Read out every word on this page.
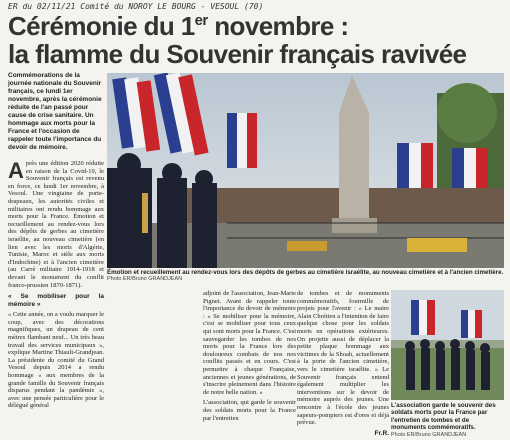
ER du 02/11/21 Comité du NOROY LE BOURG - VESOUL (70)
Cérémonie du 1er novembre :
la flamme du Souvenir français ravivée
Commémorations de la journée nationale du Souvenir français, ce lundi 1er novembre, après la cérémonie réduite de l'an passé pour cause de crise sanitaire. Un hommage aux morts pour la France et l'occasion de rappeler toute l'importance du devoir de mémoire.

Après une édition 2020 réduite en raison de la Covid-19, le Souvenir français est revenu en force, ce lundi 1er novembre, à Vesoul. Une vingtaine de porte-drapeaux, les autorités civiles et militaires ont rendu hommage aux morts pour la France. Émotion et recueillement au rendez-vous lors des dépôts de gerbes au cimetière israélite, au nouveau cimetière (en lien avec les morts d'Algérie, Tunisie, Maroc et stèle aux morts d'Indochine) et à l'ancien cimetière (au Carré militaire 1914-1918 et devant le monument du conflit franco-prussien 1870-1871).

« Se mobiliser pour la mémoire »

« Cette année, on a voulu marquer le coup, avec des décorations magnifiques, un drapeau de cent mètres flambant neuf... Un très beau travail des services municipaux », explique Martine Thiault-Grandjean. La présidente du comité du Grand Vesoul depuis 2014 a rendu hommage « aux membres de la grande famille du Souvenir français disparus pendant la pandémie », avec une pensée particulière pour le délégué général

Émotion et recueillement au rendez-vous lors des dépôts de gerbes au cimetière israélite, au nouveau cimetière et à l'ancien cimetière.
Photo ER/Bruno GRANDJEAN

adjoint de l'association, Jean-Marie Pignet. Avant de rappeler toute l'importance du devoir de mémoire : « Se mobiliser pour la mémoire, c'est se mobiliser pour tous ceux qui sont morts pour la France. C'est sauvegarder les tombes de nos morts pour la France lors des douloureux combats de nos nos conflits passés et en cours. C'est permettre à chaque Française, anciennes et jeunes générations, de s'inscrire pleinement dans l'histoire de notre belle nation. »

L'association, qui garde le souvenir des soldats morts pour la France par l'entretien

de tombes et de monuments commémoratifs, fourmille de projets pour l'avenir : « Le maire Alain Chrétien a l'intention de faire quelque chose pour les soldats morts en opérations extérieures. On projette aussi de déplacer la petite plaque hommage aux victimes de la Shoah, actuellement à la porte de l'ancien cimetière, vers le cimetière israélite. » Le Souvenir français entend également multiplier les interventions sur le devoir de mémoire auprès des jeunes. Une rencontre à l'école des jeunes sapeurs-pompiers est d'ores et déjà prévue.

Fr.R.

L'association garde le souvenir des soldats morts pour la France par l'entretien de tombes et de monuments commémoratifs.
Photo ER/Bruno GRANDJEAN
